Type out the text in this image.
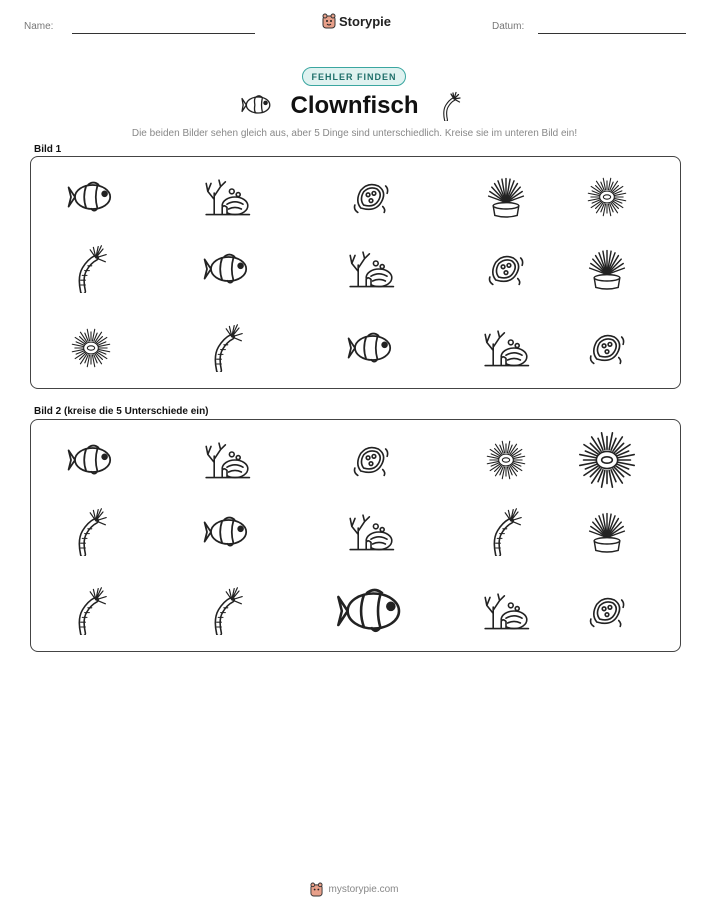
Name:	Storypie	Datum:
FEHLER FINDEN
Clownfisch
Die beiden Bilder sehen gleich aus, aber 5 Dinge sind unterschiedlich. Kreise sie im unteren Bild ein!
Bild 1
Bild 2 (kreise die 5 Unterschiede ein)
mystorypie.com
